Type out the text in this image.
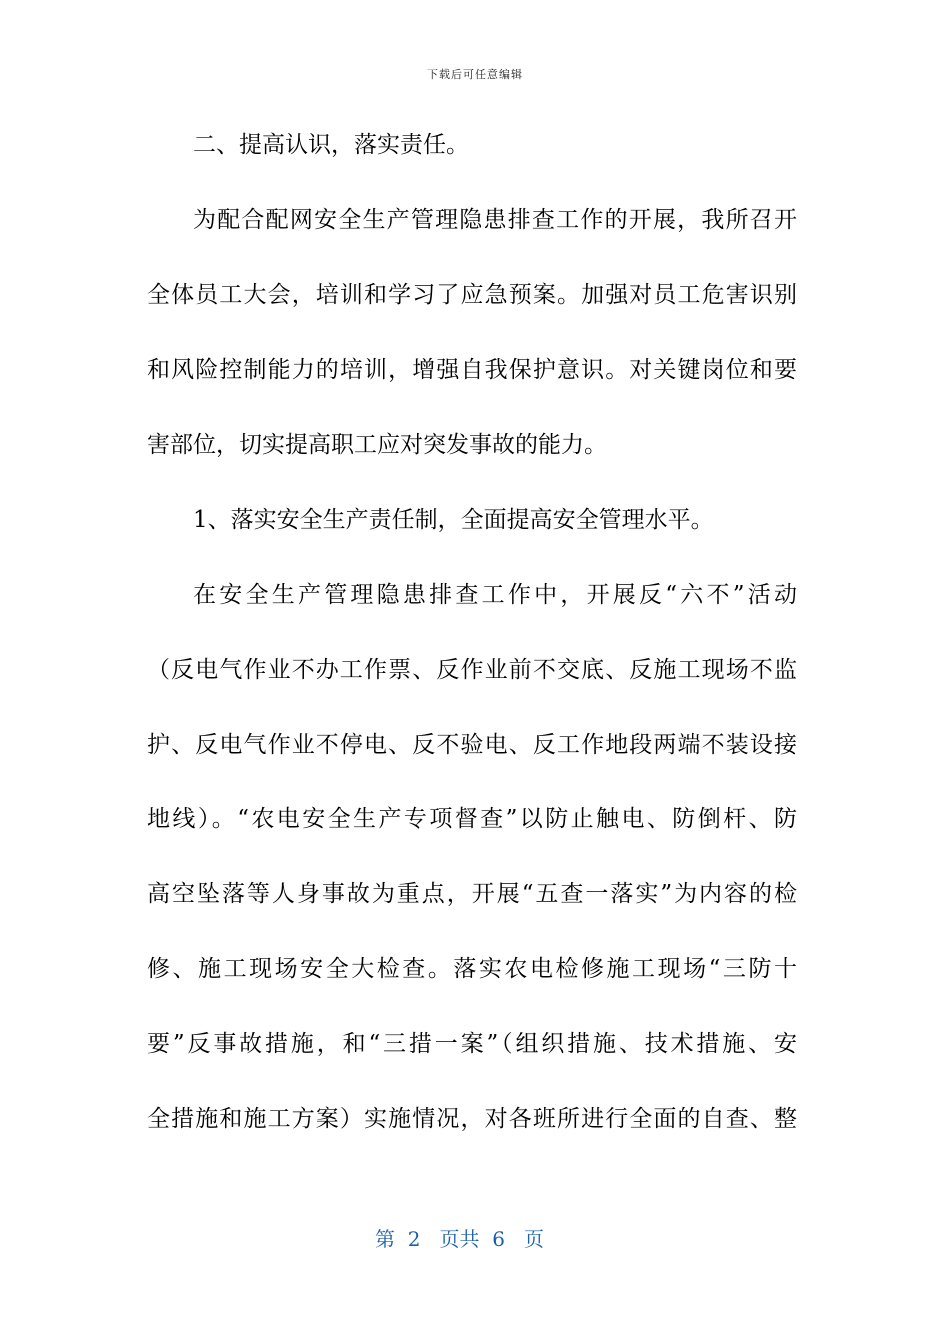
下载后可任意编辑
二、提高认识，落实责任。
为配合配网安全生产管理隐患排查工作的开展，我所召开
全体员工大会，培训和学习了应急预案。加强对员工危害识别
和风险控制能力的培训，增强自我保护意识。对关键岗位和要
害部位，切实提高职工应对突发事故的能力。
1、落实安全生产责任制，全面提高安全管理水平。
在安全生产管理隐患排查工作中，开展反“六不”活动
（反电气作业不办工作票、反作业前不交底、反施工现场不监
护、反电气作业不停电、反不验电、反工作地段两端不装设接
地线）。“农电安全生产专项督查”以防止触电、防倒杆、防
高空坠落等人身事故为重点，开展“五查一落实”为内容的检
修、施工现场安全大检查。落实农电检修施工现场“三防十
要”反事故措施，和“三措一案”（组织措施、技术措施、安
全措施和施工方案）实施情况，对各班所进行全面的自查、整
第  2   页共  6   页
